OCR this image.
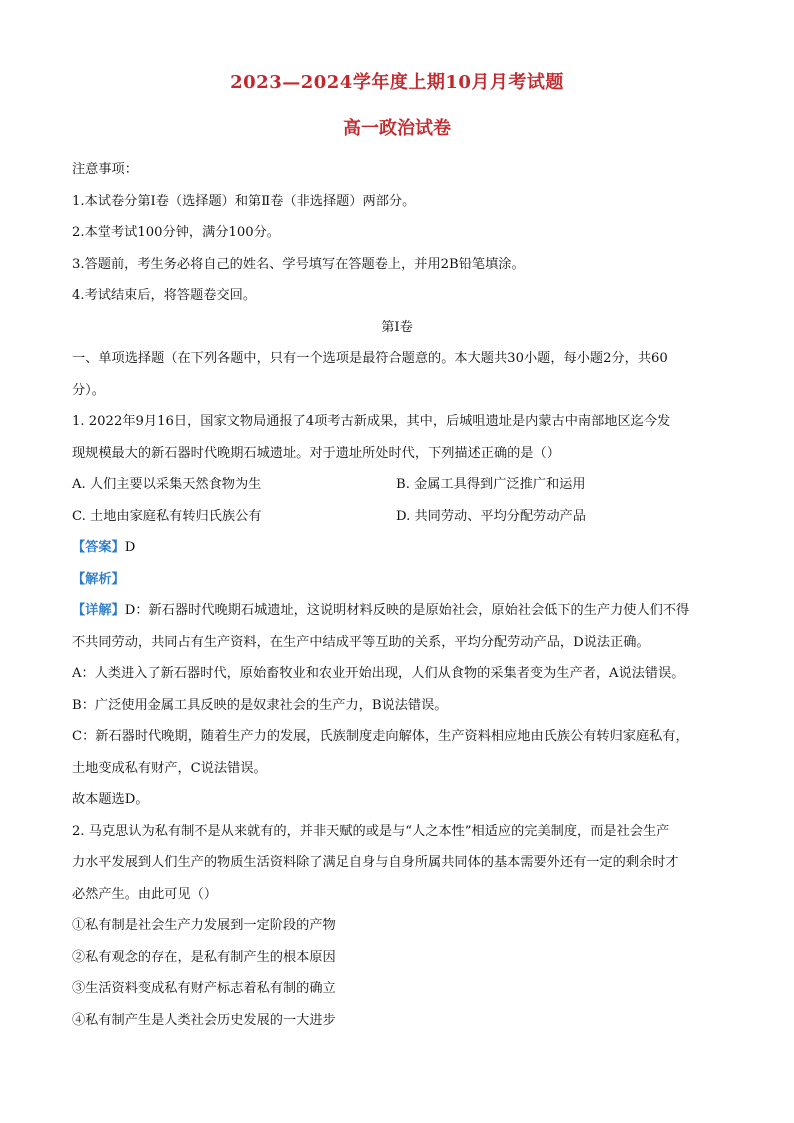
2023—2024学年度上期10月月考试题
高一政治试卷
注意事项：
1.本试卷分第Ⅰ卷（选择题）和第Ⅱ卷（非选择题）两部分。
2.本堂考试100分钟，满分100分。
3.答题前，考生务必将自己的姓名、学号填写在答题卷上，并用2B铅笔填涂。
4.考试结束后，将答题卷交回。
第Ⅰ卷
一、单项选择题（在下列各题中，只有一个选项是最符合题意的。本大题共30小题，每小题2分，共60
分）。
1. 2022年9月16日，国家文物局通报了4项考古新成果，其中，后城咀遗址是内蒙古中南部地区迄今发
现规模最大的新石器时代晚期石城遗址。对于遗址所处时代，下列描述正确的是（）
A. 人们主要以采集天然食物为生	B. 金属工具得到广泛推广和运用
C. 土地由家庭私有转归氏族公有	D. 共同劳动、平均分配劳动产品
【答案】D
【解析】
【详解】D：新石器时代晚期石城遗址，这说明材料反映的是原始社会，原始社会低下的生产力使人们不得
不共同劳动，共同占有生产资料，在生产中结成平等互助的关系，平均分配劳动产品，D说法正确。
A：人类进入了新石器时代，原始畜牧业和农业开始出现，人们从食物的采集者变为生产者，A说法错误。
B：广泛使用金属工具反映的是奴隶社会的生产力，B说法错误。
C：新石器时代晚期，随着生产力的发展，氏族制度走向解体，生产资料相应地由氏族公有转归家庭私有，
土地变成私有财产，C说法错误。
故本题选D。
2. 马克思认为私有制不是从来就有的，并非天赋的或是与“人之本性”相适应的完美制度，而是社会生产
力水平发展到人们生产的物质生活资料除了满足自身与自身所属共同体的基本需要外还有一定的剩余时才
必然产生。由此可见（）
①私有制是社会生产力发展到一定阶段的产物
②私有观念的存在，是私有制产生的根本原因
③生活资料变成私有财产标志着私有制的确立
④私有制产生是人类社会历史发展的一大进步
